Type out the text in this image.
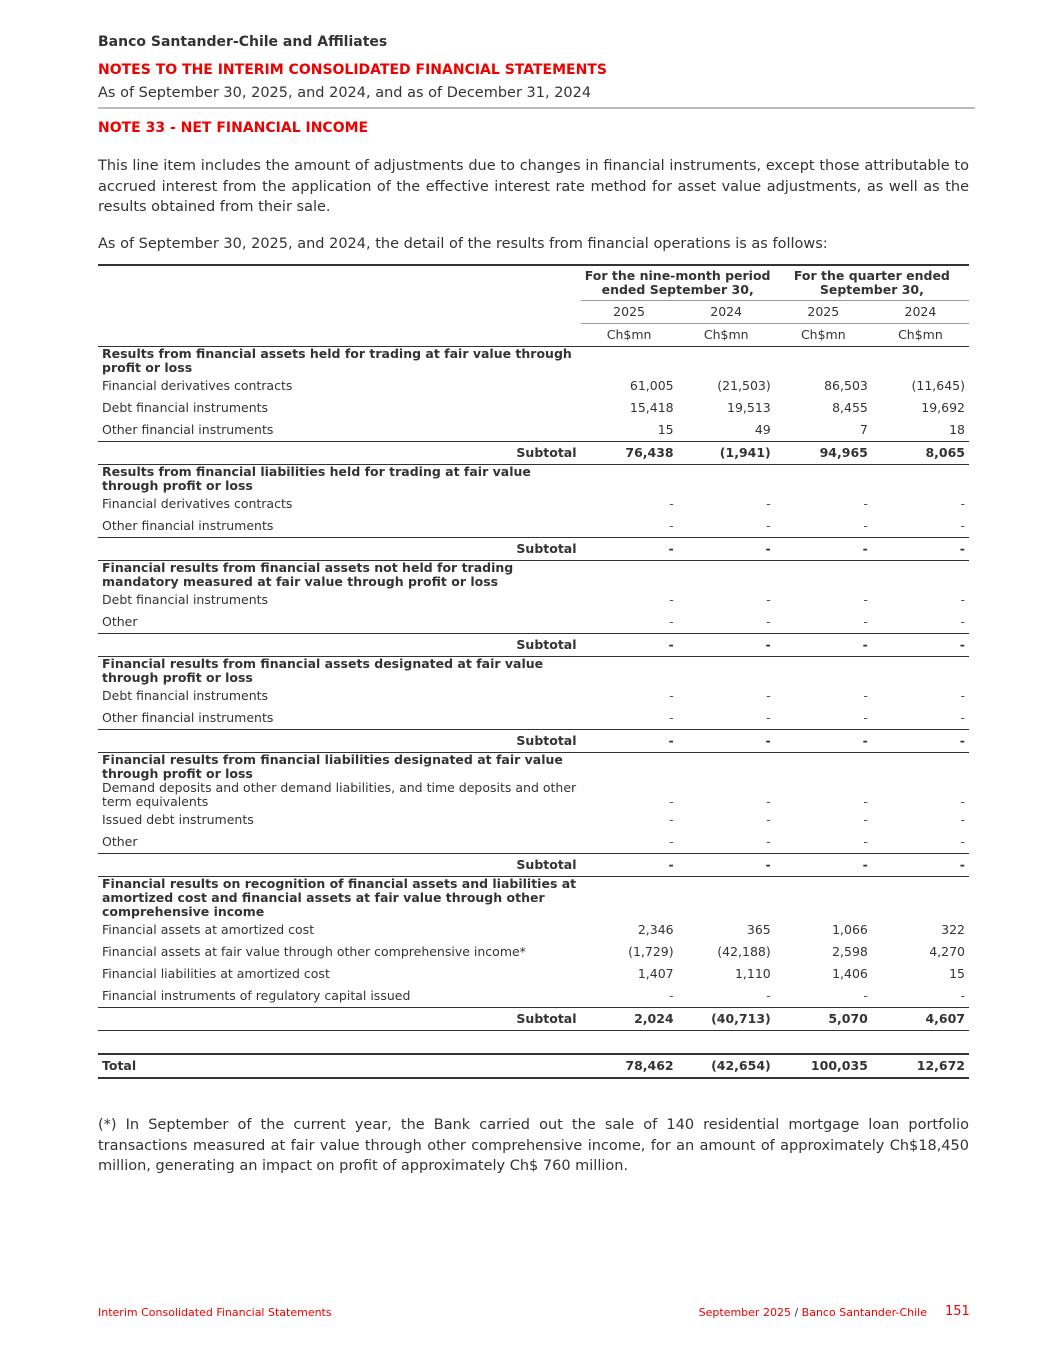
Banco Santander-Chile and Affiliates
NOTES TO THE INTERIM CONSOLIDATED FINANCIAL STATEMENTS
As of September 30, 2025, and 2024, and as of December 31, 2024
NOTE 33 - NET FINANCIAL INCOME

This line item includes the amount of adjustments due to changes in financial instruments, except those attributable to accrued interest from the application of the effective interest rate method for asset value adjustments, as well as the results obtained from their sale.

As of September 30, 2025, and 2024, the detail of the results from financial operations is as follows:

	For the nine-month period ended September 30,		For the quarter ended September 30,	
	2025	2024	2025	2024
	Ch$mn	Ch$mn	Ch$mn	Ch$mn
Results from financial assets held for trading at fair value through profit or loss				
Financial derivatives contracts	61,005	(21,503)	86,503	(11,645)
Debt financial instruments	15,418	19,513	8,455	19,692
Other financial instruments	15	49	7	18
Subtotal	76,438	(1,941)	94,965	8,065
Results from financial liabilities held for trading at fair value through profit or loss				
Financial derivatives contracts	-	-	-	-
Other financial instruments	-	-	-	-
Subtotal	-	-	-	-
Financial results from financial assets not held for trading mandatory measured at fair value through profit or loss				
Debt financial instruments	-	-	-	-
Other	-	-	-	-
Subtotal	-	-	-	-
Financial results from financial assets designated at fair value through profit or loss				
Debt financial instruments	-	-	-	-
Other financial instruments	-	-	-	-
Subtotal	-	-	-	-
Financial results from financial liabilities designated at fair value through profit or loss				
Demand deposits and other demand liabilities, and time deposits and other term equivalents	-	-	-	-
Issued debt instruments	-	-	-	-
Other	-	-	-	-
Subtotal	-	-	-	-
Financial results on recognition of financial assets and liabilities at amortized cost and financial assets at fair value through other comprehensive income				
Financial assets at amortized cost	2,346	365	1,066	322
Financial assets at fair value through other comprehensive income*	(1,729)	(42,188)	2,598	4,270
Financial liabilities at amortized cost	1,407	1,110	1,406	15
Financial instruments of regulatory capital issued	-	-	-	-
Subtotal	2,024	(40,713)	5,070	4,607

Total	78,462	(42,654)	100,035	12,672

(*) In September of the current year, the Bank carried out the sale of 140 residential mortgage loan portfolio transactions measured at fair value through other comprehensive income, for an amount of approximately Ch$18,450 million, generating an impact on profit of approximately Ch$ 760 million.

Interim Consolidated Financial Statements	September 2025 / Banco Santander-Chile 151
